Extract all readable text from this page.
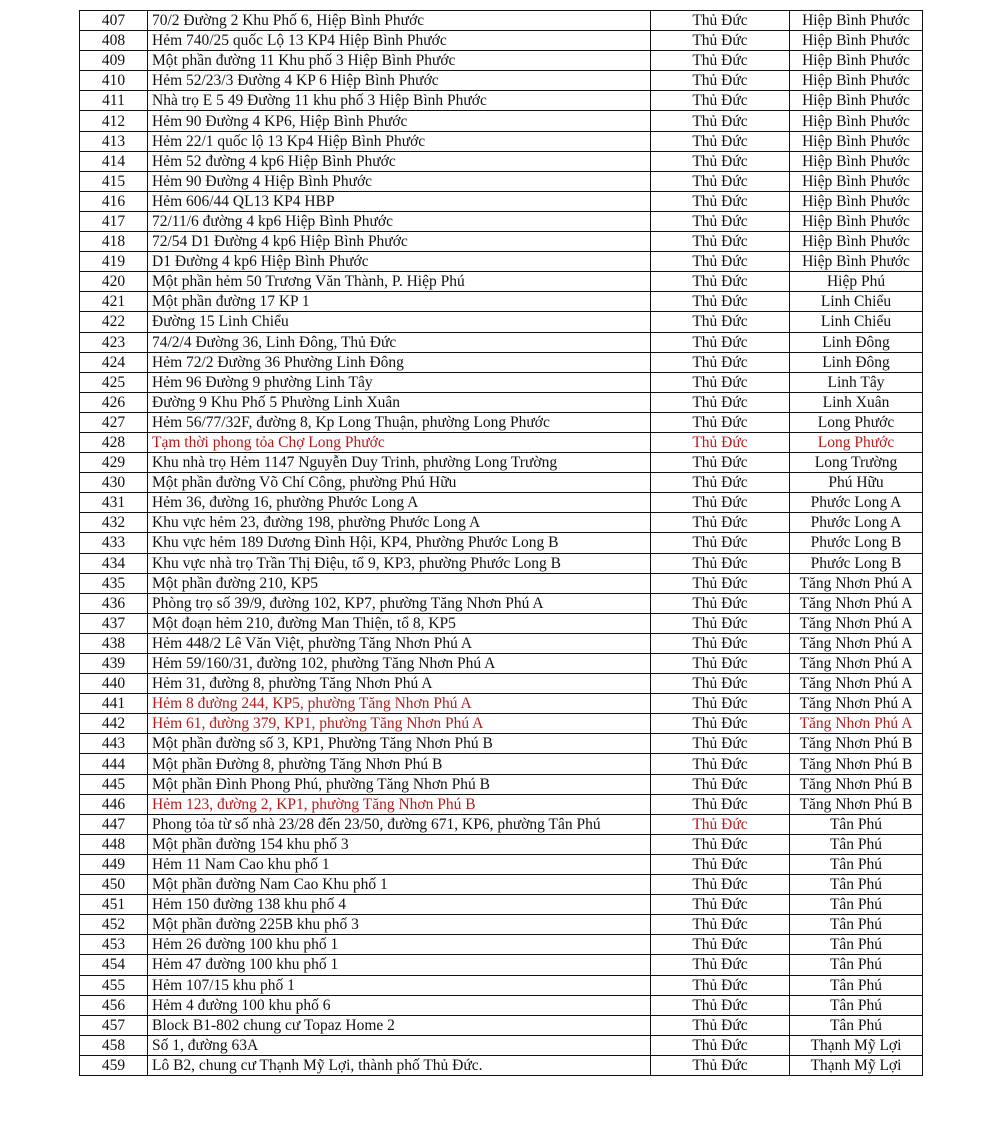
407	70/2 Đường 2 Khu Phố 6, Hiệp Bình Phước	Thủ Đức	Hiệp Bình Phước
408	Hẻm 740/25 quốc Lộ 13 KP4 Hiệp Bình Phước	Thủ Đức	Hiệp Bình Phước
409	Một phần đường 11 Khu phố 3 Hiệp Bình Phước	Thủ Đức	Hiệp Bình Phước
410	Hẻm 52/23/3 Đường 4 KP 6 Hiệp Bình Phước	Thủ Đức	Hiệp Bình Phước
411	Nhà trọ E 5 49 Đường 11 khu phố 3 Hiệp Bình Phước	Thủ Đức	Hiệp Bình Phước
412	Hẻm 90 Đường 4 KP6, Hiệp Bình Phước	Thủ Đức	Hiệp Bình Phước
413	Hẻm 22/1 quốc lộ 13 Kp4 Hiệp Bình Phước	Thủ Đức	Hiệp Bình Phước
414	Hẻm 52 đường 4 kp6 Hiệp Bình Phước	Thủ Đức	Hiệp Bình Phước
415	Hẻm 90 Đường 4 Hiệp Bình Phước	Thủ Đức	Hiệp Bình Phước
416	Hẻm 606/44 QL13 KP4 HBP	Thủ Đức	Hiệp Bình Phước
417	72/11/6 đường 4 kp6 Hiệp Bình Phước	Thủ Đức	Hiệp Bình Phước
418	72/54 D1 Đường 4 kp6 Hiệp Bình Phước	Thủ Đức	Hiệp Bình Phước
419	D1 Đường 4 kp6 Hiệp Bình Phước	Thủ Đức	Hiệp Bình Phước
420	Một phần hẻm 50 Trương Văn Thành, P. Hiệp Phú	Thủ Đức	Hiệp Phú
421	Một phần đường 17 KP 1	Thủ Đức	Linh Chiểu
422	Đường 15 Linh Chiểu	Thủ Đức	Linh Chiểu
423	74/2/4 Đường 36, Linh Đông, Thủ Đức	Thủ Đức	Linh Đông
424	Hẻm 72/2 Đường 36 Phường Linh Đông	Thủ Đức	Linh Đông
425	Hẻm 96 Đường 9 phường Linh Tây	Thủ Đức	Linh Tây
426	Đường 9 Khu Phố 5 Phường Linh Xuân	Thủ Đức	Linh Xuân
427	Hẻm 56/77/32F, đường 8, Kp Long Thuận, phường Long Phước	Thủ Đức	Long Phước
428	Tạm thời phong tỏa Chợ Long Phước	Thủ Đức	Long Phước
429	Khu nhà trọ Hẻm 1147 Nguyễn Duy Trinh, phường Long Trường	Thủ Đức	Long Trường
430	Một phần đường Võ Chí Công, phường Phú Hữu	Thủ Đức	Phú Hữu
431	Hẻm 36, đường 16, phường Phước Long A	Thủ Đức	Phước Long A
432	Khu vực hẻm 23, đường 198, phường Phước Long A	Thủ Đức	Phước Long A
433	Khu vực hẻm 189 Dương Đình Hội, KP4, Phường Phước Long B	Thủ Đức	Phước Long B
434	Khu vực nhà trọ Trần Thị Điệu, tổ 9, KP3, phường Phước Long B	Thủ Đức	Phước Long B
435	Một phần đường 210, KP5	Thủ Đức	Tăng Nhơn Phú A
436	Phòng trọ số 39/9, đường 102, KP7, phường Tăng Nhơn Phú A	Thủ Đức	Tăng Nhơn Phú A
437	Một đoạn hẻm 210, đường Man Thiện, tổ 8, KP5	Thủ Đức	Tăng Nhơn Phú A
438	Hẻm 448/2 Lê Văn Việt, phường Tăng Nhơn Phú A	Thủ Đức	Tăng Nhơn Phú A
439	Hẻm 59/160/31, đường 102, phường Tăng Nhơn Phú A	Thủ Đức	Tăng Nhơn Phú A
440	Hẻm 31, đường 8, phường Tăng Nhơn Phú A	Thủ Đức	Tăng Nhơn Phú A
441	Hẻm 8 đường 244, KP5, phường Tăng Nhơn Phú A	Thủ Đức	Tăng Nhơn Phú A
442	Hẻm 61, đường 379, KP1, phường Tăng Nhơn Phú A	Thủ Đức	Tăng Nhơn Phú A
443	Một phần đường số 3, KP1, Phường Tăng Nhơn Phú B	Thủ Đức	Tăng Nhơn Phú B
444	Một phần Đường 8, phường Tăng Nhơn Phú B	Thủ Đức	Tăng Nhơn Phú B
445	Một phần Đình Phong Phú, phường Tăng Nhơn Phú B	Thủ Đức	Tăng Nhơn Phú B
446	Hẻm 123, đường 2, KP1, phường Tăng Nhơn Phú B	Thủ Đức	Tăng Nhơn Phú B
447	Phong tỏa từ số nhà 23/28 đến 23/50, đường 671, KP6, phường Tân Phú	Thủ Đức	Tân Phú
448	Một phần đường 154 khu phố 3	Thủ Đức	Tân Phú
449	Hẻm 11 Nam Cao khu phố 1	Thủ Đức	Tân Phú
450	Một phần đường Nam Cao Khu phố 1	Thủ Đức	Tân Phú
451	Hẻm 150 đường 138 khu phố 4	Thủ Đức	Tân Phú
452	Một phần đường 225B khu phố 3	Thủ Đức	Tân Phú
453	Hẻm 26 đường 100 khu phố 1	Thủ Đức	Tân Phú
454	Hẻm 47 đường 100 khu phố 1	Thủ Đức	Tân Phú
455	Hẻm 107/15 khu phố 1	Thủ Đức	Tân Phú
456	Hẻm 4 đường 100 khu phố 6	Thủ Đức	Tân Phú
457	Block B1-802 chung cư Topaz Home 2	Thủ Đức	Tân Phú
458	Số 1, đường 63A	Thủ Đức	Thạnh Mỹ Lợi
459	Lô B2, chung cư Thạnh Mỹ Lợi, thành phố Thủ Đức.	Thủ Đức	Thạnh Mỹ Lợi
